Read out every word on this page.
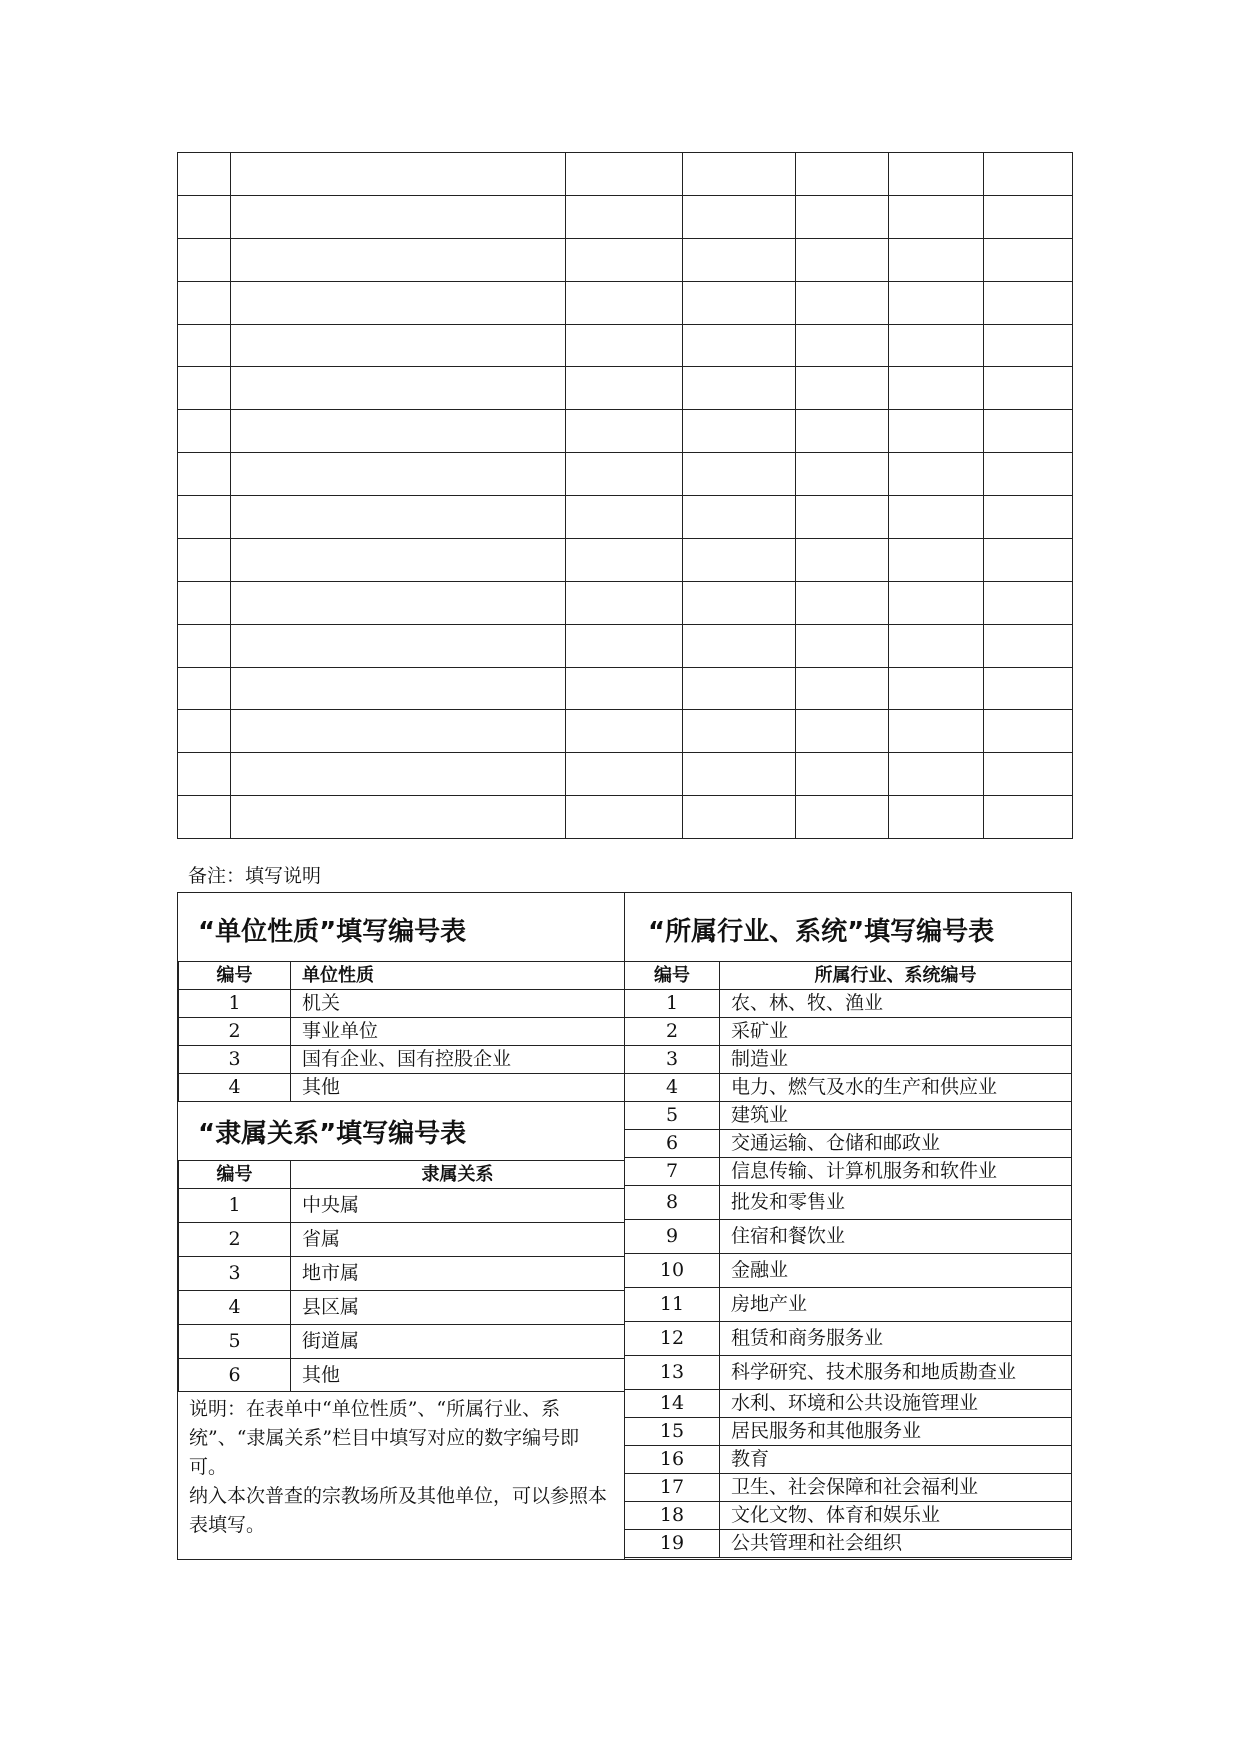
备注：填写说明
“单位性质”填写编号表
编号	单位性质
1	机关
2	事业单位
3	国有企业、国有控股企业
4	其他
“隶属关系”填写编号表
编号	隶属关系
1	中央属
2	省属
3	地市属
4	县区属
5	街道属
6	其他

说明：在表单中“单位性质”、“所属行业、系统”、“隶属关系”栏目中填写对应的数字编号即可。

纳入本次普查的宗教场所及其他单位，可以参照本表填写。

“所属行业、系统”填写编号表
编号	所属行业、系统编号
1	农、林、牧、渔业
2	采矿业
3	制造业
4	电力、燃气及水的生产和供应业
5	建筑业
6	交通运输、仓储和邮政业
7	信息传输、计算机服务和软件业
8	批发和零售业
9	住宿和餐饮业
10	金融业
11	房地产业
12	租赁和商务服务业
13	科学研究、技术服务和地质勘查业
14	水利、环境和公共设施管理业
15	居民服务和其他服务业
16	教育
17	卫生、社会保障和社会福利业
18	文化文物、体育和娱乐业
19	公共管理和社会组织
